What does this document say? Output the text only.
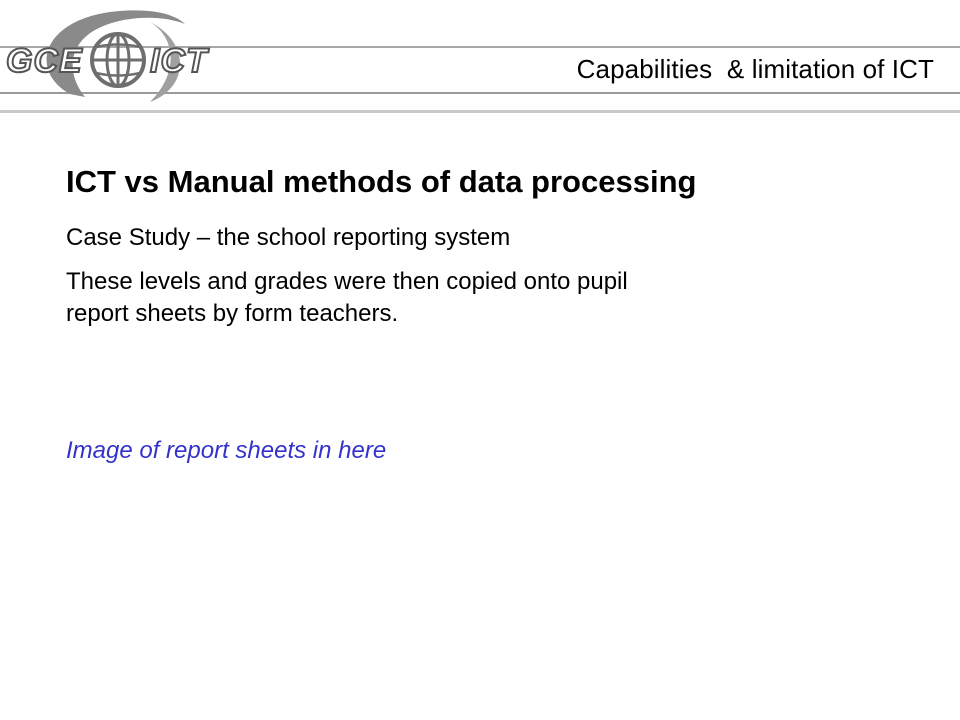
GCE ICT	Capabilities  & limitation of ICT
ICT vs Manual methods of data processing
Case Study – the school reporting system
These levels and grades were then copied onto pupil
report sheets by form teachers.
Image of report sheets in here
